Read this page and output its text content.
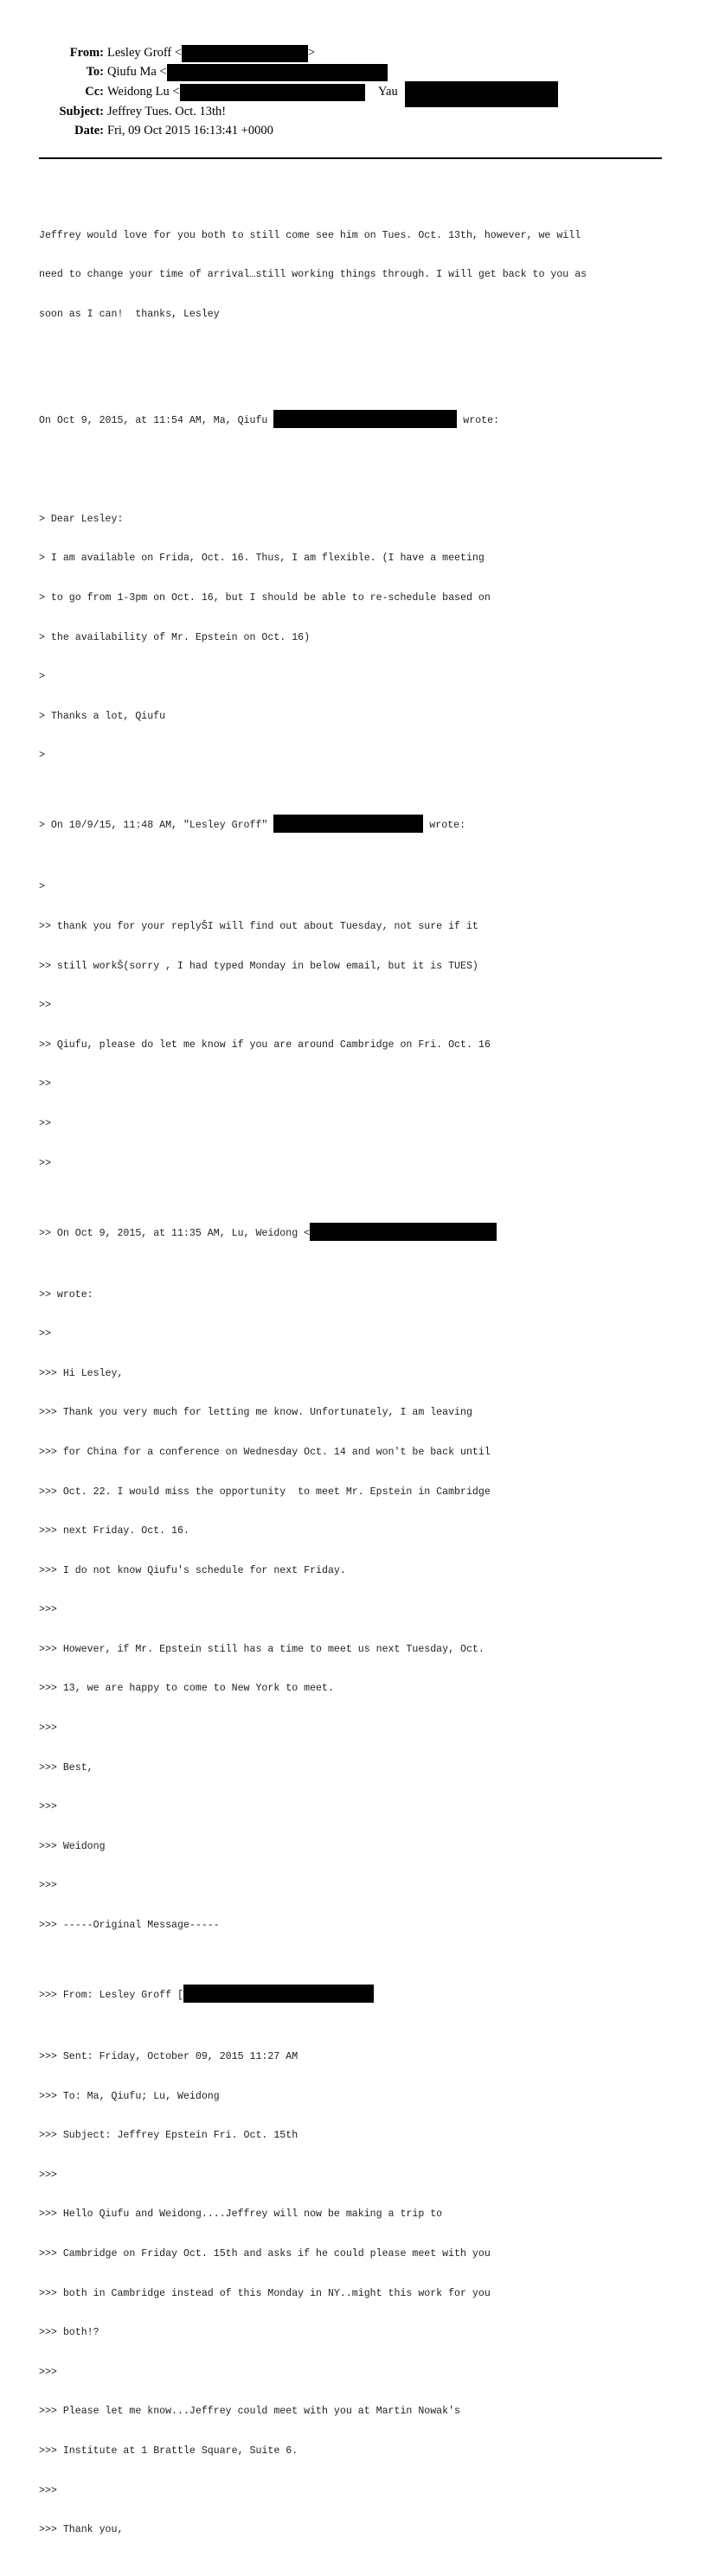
From: Lesley Groff <	>
To: Qiufu Ma <
Cc: Weidong Lu <	Yau
Subject: Jeffrey Tues. Oct. 13th!
Date: Fri, 09 Oct 2015 16:13:41 +0000

Jeffrey would love for you both to still come see him on Tues. Oct. 13th, however, we will

need to change your time of arrival…still working things through. I will get back to you as

soon as I can!  thanks, Lesley

On Oct 9, 2015, at 11:54 AM, Ma, Qiufu	wrote:

> Dear Lesley:

> I am available on Frida, Oct. 16. Thus, I am flexible. (I have a meeting

> to go from 1-3pm on Oct. 16, but I should be able to re-schedule based on

> the availability of Mr. Epstein on Oct. 16)

>

> Thanks a lot, Qiufu

>

> On 10/9/15, 11:48 AM, "Lesley Groff"	wrote:

>

>> thank you for your replyŠI will find out about Tuesday, not sure if it

>> still workŠ(sorry , I had typed Monday in below email, but it is TUES)

>>

>> Qiufu, please do let me know if you are around Cambridge on Fri. Oct. 16

>>

>>

>>

>> On Oct 9, 2015, at 11:35 AM, Lu, Weidong <

>> wrote:

>>

>>> Hi Lesley,

>>> Thank you very much for letting me know. Unfortunately, I am leaving

>>> for China for a conference on Wednesday Oct. 14 and won't be back until

>>> Oct. 22. I would miss the opportunity  to meet Mr. Epstein in Cambridge

>>> next Friday. Oct. 16.

>>> I do not know Qiufu's schedule for next Friday.

>>>

>>> However, if Mr. Epstein still has a time to meet us next Tuesday, Oct.

>>> 13, we are happy to come to New York to meet.

>>>

>>> Best,

>>>

>>> Weidong

>>>

>>> -----Original Message-----

>>> From: Lesley Groff [

>>> Sent: Friday, October 09, 2015 11:27 AM

>>> To: Ma, Qiufu; Lu, Weidong

>>> Subject: Jeffrey Epstein Fri. Oct. 15th

>>>

>>> Hello Qiufu and Weidong....Jeffrey will now be making a trip to

>>> Cambridge on Friday Oct. 15th and asks if he could please meet with you

>>> both in Cambridge instead of this Monday in NY..might this work for you

>>> both!?

>>>

>>> Please let me know...Jeffrey could meet with you at Martin Nowak's

>>> Institute at 1 Brattle Square, Suite 6.

>>>

>>> Thank you,
